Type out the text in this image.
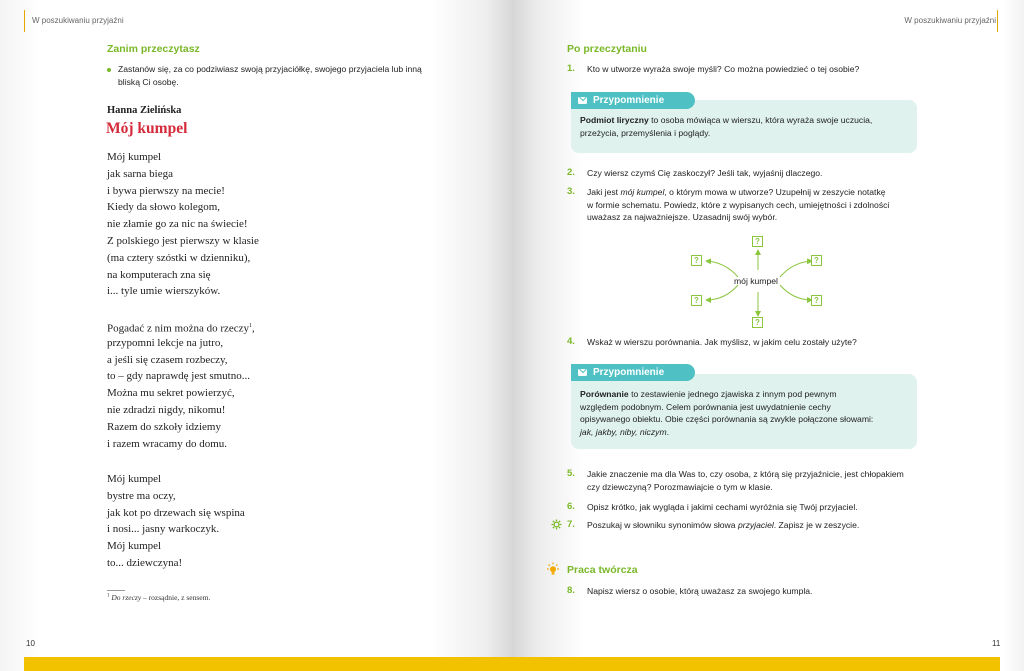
W poszukiwaniu przyjaźni
Zanim przeczytasz
Zastanów się, za co podziwiasz swoją przyjaciółkę, swojego przyjaciela lub inną
bliską Ci osobę.
Hanna Zielińska
Mój kumpel
Mój kumpel
jak sarna biega
i bywa pierwszy na mecie!
Kiedy da słowo kolegom,
nie złamie go za nic na świecie!
Z polskiego jest pierwszy w klasie
(ma cztery szóstki w dzienniku),
na komputerach zna się
i... tyle umie wierszyków.
Pogadać z nim można do rzeczy$^1$,
przypomni lekcje na jutro,
a jeśli się czasem rozbeczy,
to – gdy naprawdę jest smutno...
Można mu sekret powierzyć,
nie zdradzi nigdy, nikomu!
Razem do szkoły idziemy
i razem wracamy do domu.
Mój kumpel
bystre ma oczy,
jak kot po drzewach się wspina
i nosi... jasny warkoczyk.
Mój kumpel
to... dziewczyna!
$^1$ Do rzeczy – rozsądnie, z sensem.
10
W poszukiwaniu przyjaźni
11
Po przeczytaniu
1. Kto w utworze wyraża swoje myśli? Co można powiedzieć o tej osobie?
Podmiot liryczny to osoba mówiąca w wierszu, która wyraża swoje uczucia,
przeżycia, przemyślenia i poglądy.
Przypomnienie
2. Czy wiersz czymś Cię zaskoczył? Jeśli tak, wyjaśnij dlaczego.
3. Jaki jest mój kumpel, o którym mowa w utworze? Uzupełnij w zeszycie notatkę
w formie schematu. Powiedz, które z wypisanych cech, umiejętności i zdolności
uważasz za najważniejsze. Uzasadnij swój wybór.
mój kumpel
?
?	?
?	?
?
4. Wskaż w wierszu porównania. Jak myślisz, w jakim celu zostały użyte?
Porównanie to zestawienie jednego zjawiska z innym pod pewnym
względem podobnym. Celem porównania jest uwydatnienie cechy
opisywanego obiektu. Obie części porównania są zwykle połączone słowami:
jak, jakby, niby, niczym.
Przypomnienie
5. Jakie znaczenie ma dla Was to, czy osoba, z którą się przyjaźnicie, jest chłopakiem
czy dziewczyną? Porozmawiajcie o tym w klasie.
6. Opisz krótko, jak wygląda i jakimi cechami wyróżnia się Twój przyjaciel.
7. Poszukaj w słowniku synonimów słowa przyjaciel. Zapisz je w zeszycie.
Praca twórcza
8. Napisz wiersz o osobie, którą uważasz za swojego kumpla.
